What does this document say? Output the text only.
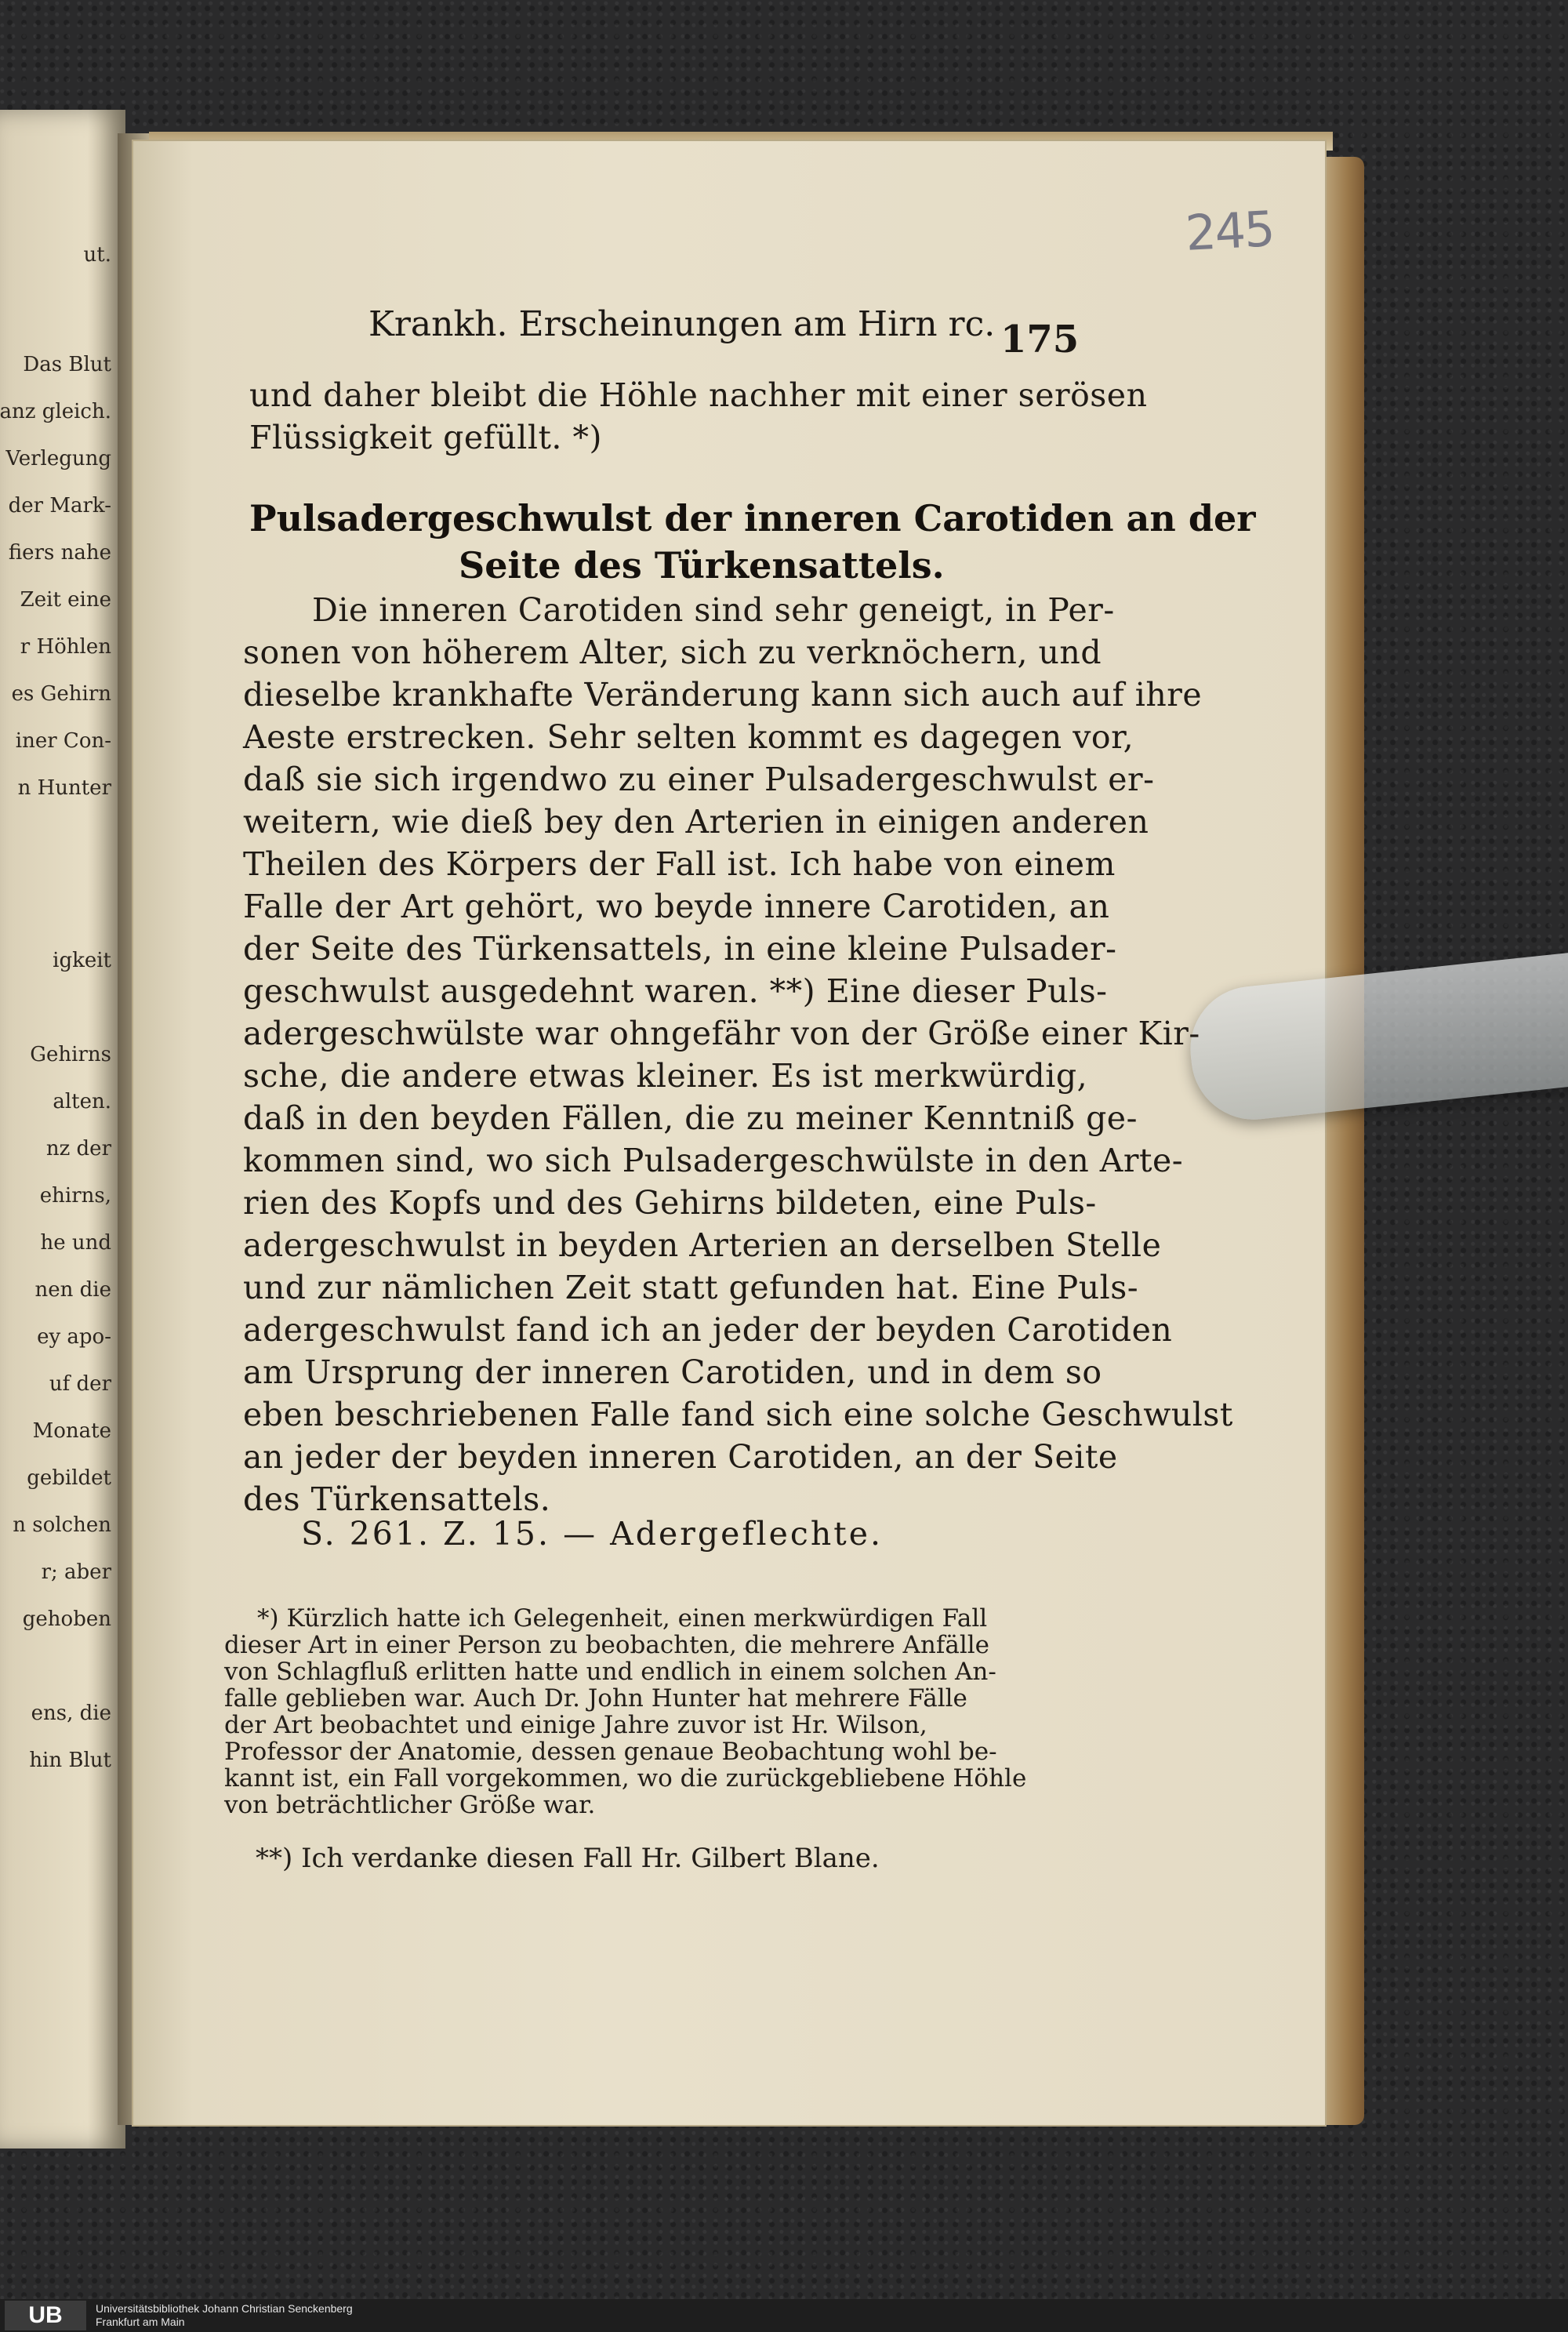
ut.
Das Blut
anz gleich.
Verlegung
der Mark-
fiers nahe
Zeit eine
r Höhlen
es Gehirn
iner Con-
n Hunter
igkeit
Gehirns
alten.
nz der
ehirns,
he und
nen die
ey apo-
uf der
Monate
gebildet
n solchen
r; aber
gehoben
ens, die
hin Blut
245
Krankh. Erscheinungen am Hirn rc. 175
UB	Universitätsbibliothek Johann Christian Senckenberg
Frankfurt am Main
und daher bleibt die Höhle nachher mit einer serösen
Flüssigkeit gefüllt. *)
Pulsadergeschwulst der inneren Carotiden an der
Seite des Türkensattels.
Die inneren Carotiden sind sehr geneigt, in Per-
sonen von höherem Alter, sich zu verknöchern, und
dieselbe krankhafte Veränderung kann sich auch auf ihre
Aeste erstrecken. Sehr selten kommt es dagegen vor,
daß sie sich irgendwo zu einer Pulsadergeschwulst er-
weitern, wie dieß bey den Arterien in einigen anderen
Theilen des Körpers der Fall ist. Ich habe von einem
Falle der Art gehört, wo beyde innere Carotiden, an
der Seite des Türkensattels, in eine kleine Pulsader-
geschwulst ausgedehnt waren. **) Eine dieser Puls-
adergeschwülste war ohngefähr von der Größe einer Kir-
sche, die andere etwas kleiner. Es ist merkwürdig,
daß in den beyden Fällen, die zu meiner Kenntniß ge-
kommen sind, wo sich Pulsadergeschwülste in den Arte-
rien des Kopfs und des Gehirns bildeten, eine Puls-
adergeschwulst in beyden Arterien an derselben Stelle
und zur nämlichen Zeit statt gefunden hat. Eine Puls-
adergeschwulst fand ich an jeder der beyden Carotiden
am Ursprung der inneren Carotiden, und in dem so
eben beschriebenen Falle fand sich eine solche Geschwulst
an jeder der beyden inneren Carotiden, an der Seite
des Türkensattels.
S. 261. Z. 15. — Adergeflechte.
*) Kürzlich hatte ich Gelegenheit, einen merkwürdigen Fall
dieser Art in einer Person zu beobachten, die mehrere Anfälle
von Schlagfluß erlitten hatte und endlich in einem solchen An-
falle geblieben war. Auch Dr. John Hunter hat mehrere Fälle
der Art beobachtet und einige Jahre zuvor ist Hr. Wilson,
Professor der Anatomie, dessen genaue Beobachtung wohl be-
kannt ist, ein Fall vorgekommen, wo die zurückgebliebene Höhle
von beträchtlicher Größe war.
**) Ich verdanke diesen Fall Hr. Gilbert Blane.
